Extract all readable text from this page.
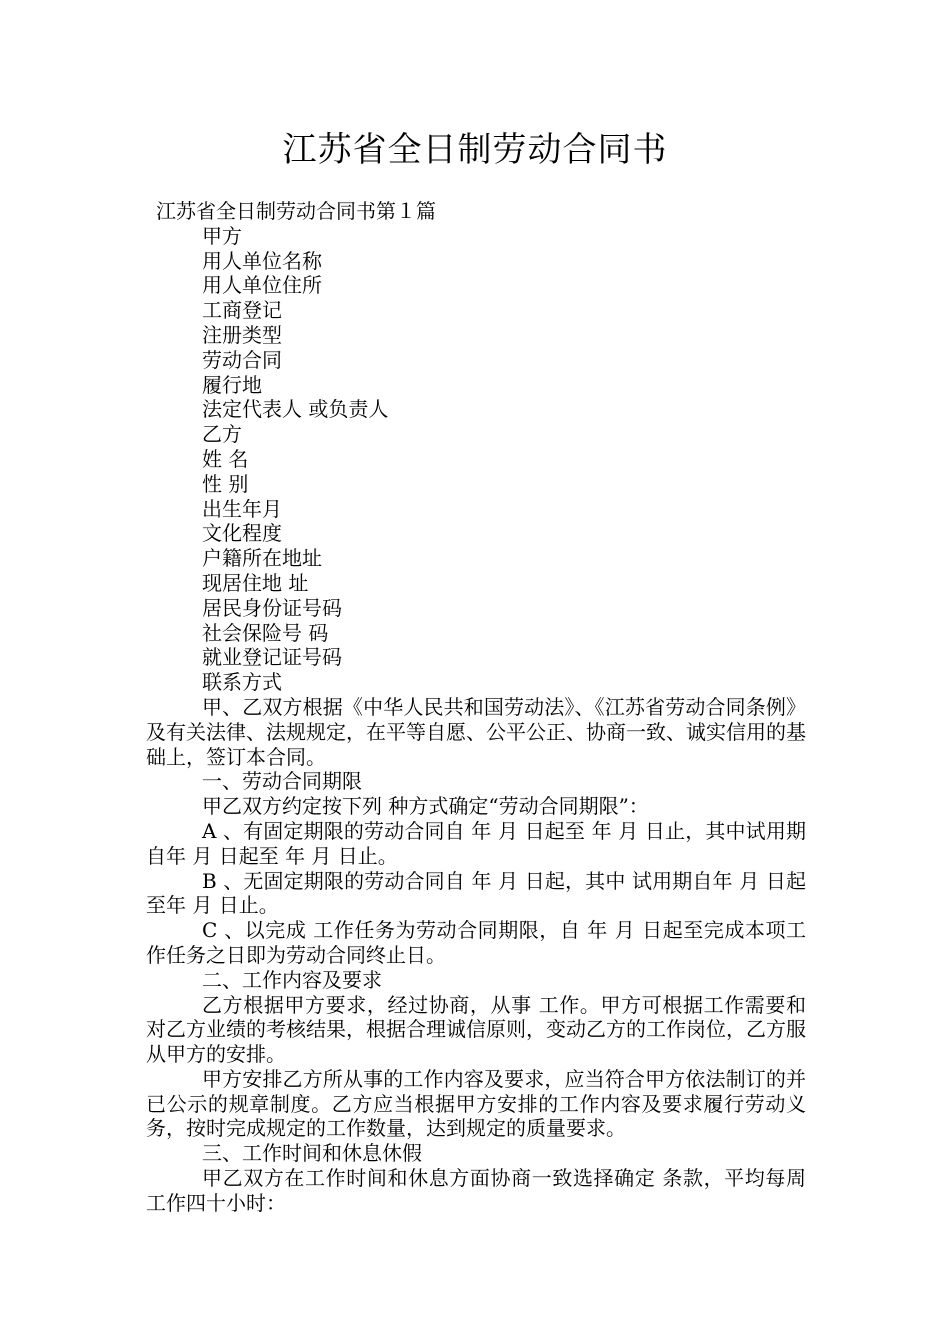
江苏省全日制劳动合同书
江苏省全日制劳动合同书第１篇
甲方
用人单位名称
用人单位住所
工商登记
注册类型
劳动合同
履行地
法定代表人 或负责人
乙方
姓 名
性 别
出生年月
文化程度
户籍所在地址
现居住地 址
居民身份证号码
社会保险号 码
就业登记证号码
联系方式

甲、乙双方根据《中华人民共和国劳动法》、《江苏省劳动合同条例》及有关法律、法规规定，在平等自愿、公平公正、协商一致、诚实信用的基础上，签订本合同。

一、劳动合同期限

甲乙双方约定按下列 种方式确定“劳动合同期限”：

A 、有固定期限的劳动合同自 年 月 日起至 年 月 日止，其中试用期自年 月 日起至 年 月 日止。

B 、无固定期限的劳动合同自 年 月 日起，其中 试用期自年 月 日起至年 月 日止。

C 、以完成 工作任务为劳动合同期限，自 年 月 日起至完成本项工作任务之日即为劳动合同终止日。

二、工作内容及要求

乙方根据甲方要求，经过协商，从事 工作。甲方可根据工作需要和对乙方业绩的考核结果，根据合理诚信原则，变动乙方的工作岗位，乙方服从甲方的安排。

甲方安排乙方所从事的工作内容及要求，应当符合甲方依法制订的并已公示的规章制度。乙方应当根据甲方安排的工作内容及要求履行劳动义务，按时完成规定的工作数量，达到规定的质量要求。

三、工作时间和休息休假

甲乙双方在工作时间和休息方面协商一致选择确定 条款，平均每周工作四十小时：
